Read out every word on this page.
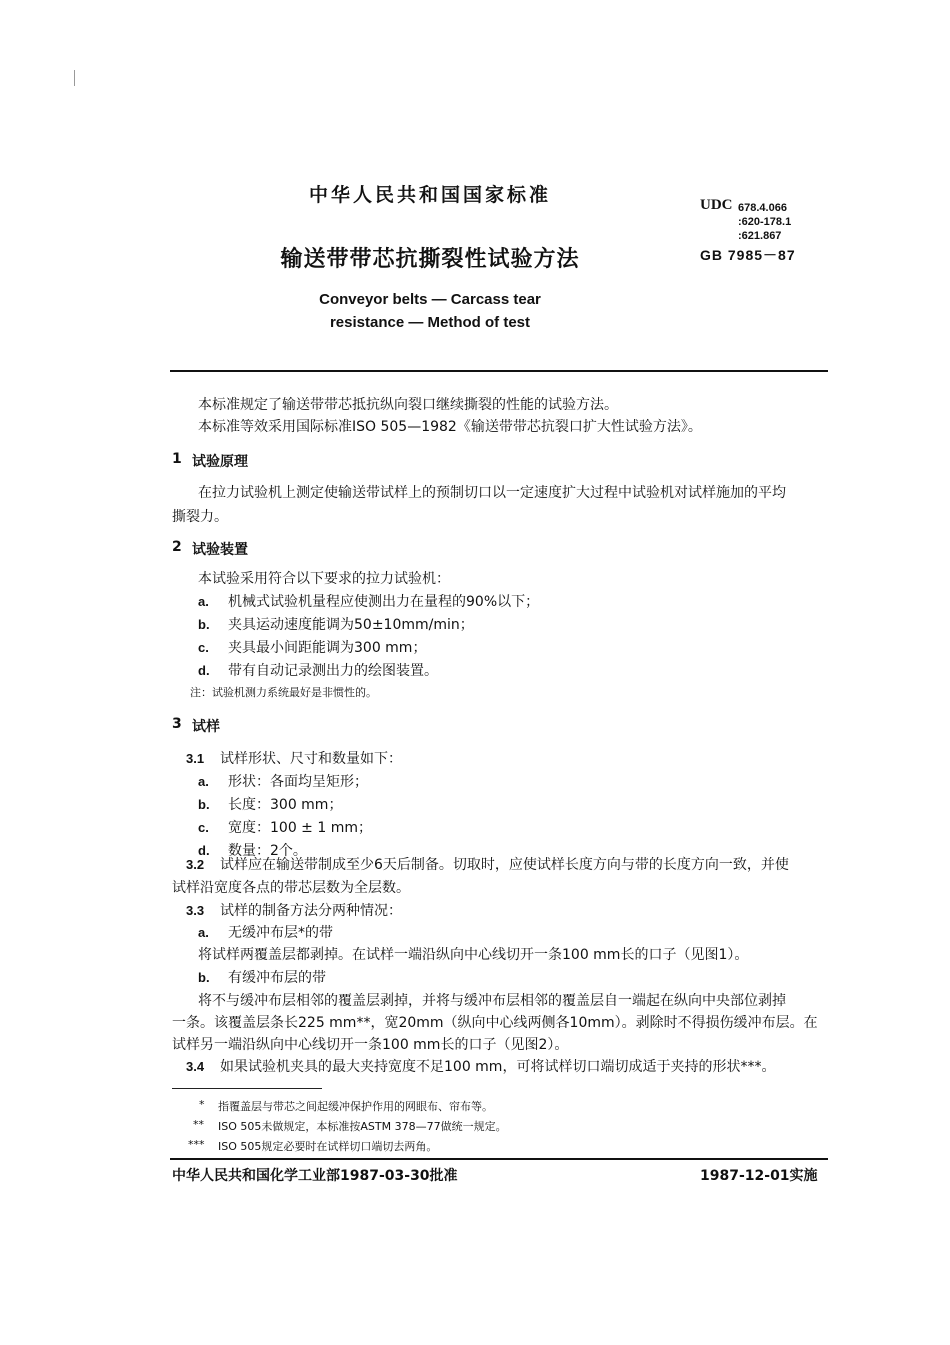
中华人民共和国国家标准
输送带带芯抗撕裂性试验方法
Conveyor belts — Carcass tear
resistance — Method of test
UDC 678.4.066
:620-178.1
:621.867
GB 7985－87
本标准规定了输送带带芯抵抗纵向裂口继续撕裂的性能的试验方法。
本标准等效采用国际标准ISO 505—1982《输送带带芯抗裂口扩大性试验方法》。
1 试验原理
在拉力试验机上测定使输送带试样上的预制切口以一定速度扩大过程中试验机对试样施加的平均
撕裂力。
2 试验装置
本试验采用符合以下要求的拉力试验机：
a. 机械式试验机量程应使测出力在量程的90%以下；
b. 夹具运动速度能调为50±10mm/min；
c. 夹具最小间距能调为300 mm；
d. 带有自动记录测出力的绘图装置。
注：试验机测力系统最好是非惯性的。
3 试样
3.1 试样形状、尺寸和数量如下：
a. 形状：各面均呈矩形；
b. 长度：300 mm；
c. 宽度：100 ± 1 mm；
d. 数量：2个。
3.2 试样应在输送带制成至少6天后制备。切取时，应使试样长度方向与带的长度方向一致，并使
试样沿宽度各点的带芯层数为全层数。
3.3 试样的制备方法分两种情况：
a. 无缓冲布层*的带
将试样两覆盖层都剥掉。在试样一端沿纵向中心线切开一条100 mm长的口子（见图1）。
b. 有缓冲布层的带
将不与缓冲布层相邻的覆盖层剥掉，并将与缓冲布层相邻的覆盖层自一端起在纵向中央部位剥掉
一条。该覆盖层条长225 mm**，宽20mm（纵向中心线两侧各10mm）。剥除时不得损伤缓冲布层。在
试样另一端沿纵向中心线切开一条100 mm长的口子（见图2）。
3.4 如果试验机夹具的最大夹持宽度不足100 mm，可将试样切口端切成适于夹持的形状***。
* 指覆盖层与带芯之间起缓冲保护作用的网眼布、帘布等。
** ISO 505未做规定，本标准按ASTM 378—77做统一规定。
*** ISO 505规定必要时在试样切口端切去两角。
中华人民共和国化学工业部1987-03-30批准	1987-12-01实施
